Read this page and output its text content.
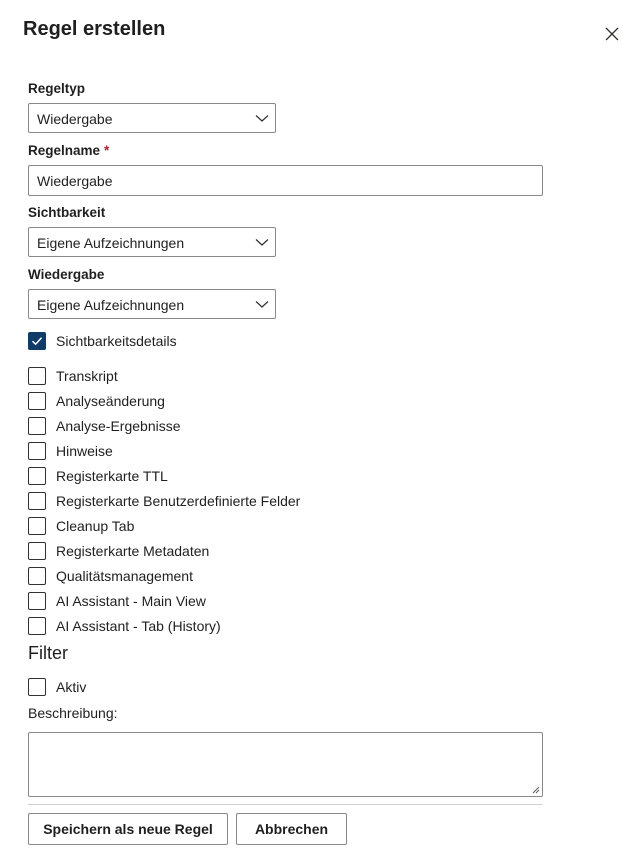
Regel erstellen
Regeltyp
Wiedergabe
Regelname *
Wiedergabe
Sichtbarkeit
Eigene Aufzeichnungen
Wiedergabe
Eigene Aufzeichnungen
Sichtbarkeitsdetails
Transkript
Analyseänderung
Analyse-Ergebnisse
Hinweise
Registerkarte TTL
Registerkarte Benutzerdefinierte Felder
Cleanup Tab
Registerkarte Metadaten
Qualitätsmanagement
AI Assistant - Main View
AI Assistant - Tab (History)
Filter
Aktiv
Beschreibung:
Speichern als neue Regel	Abbrechen
